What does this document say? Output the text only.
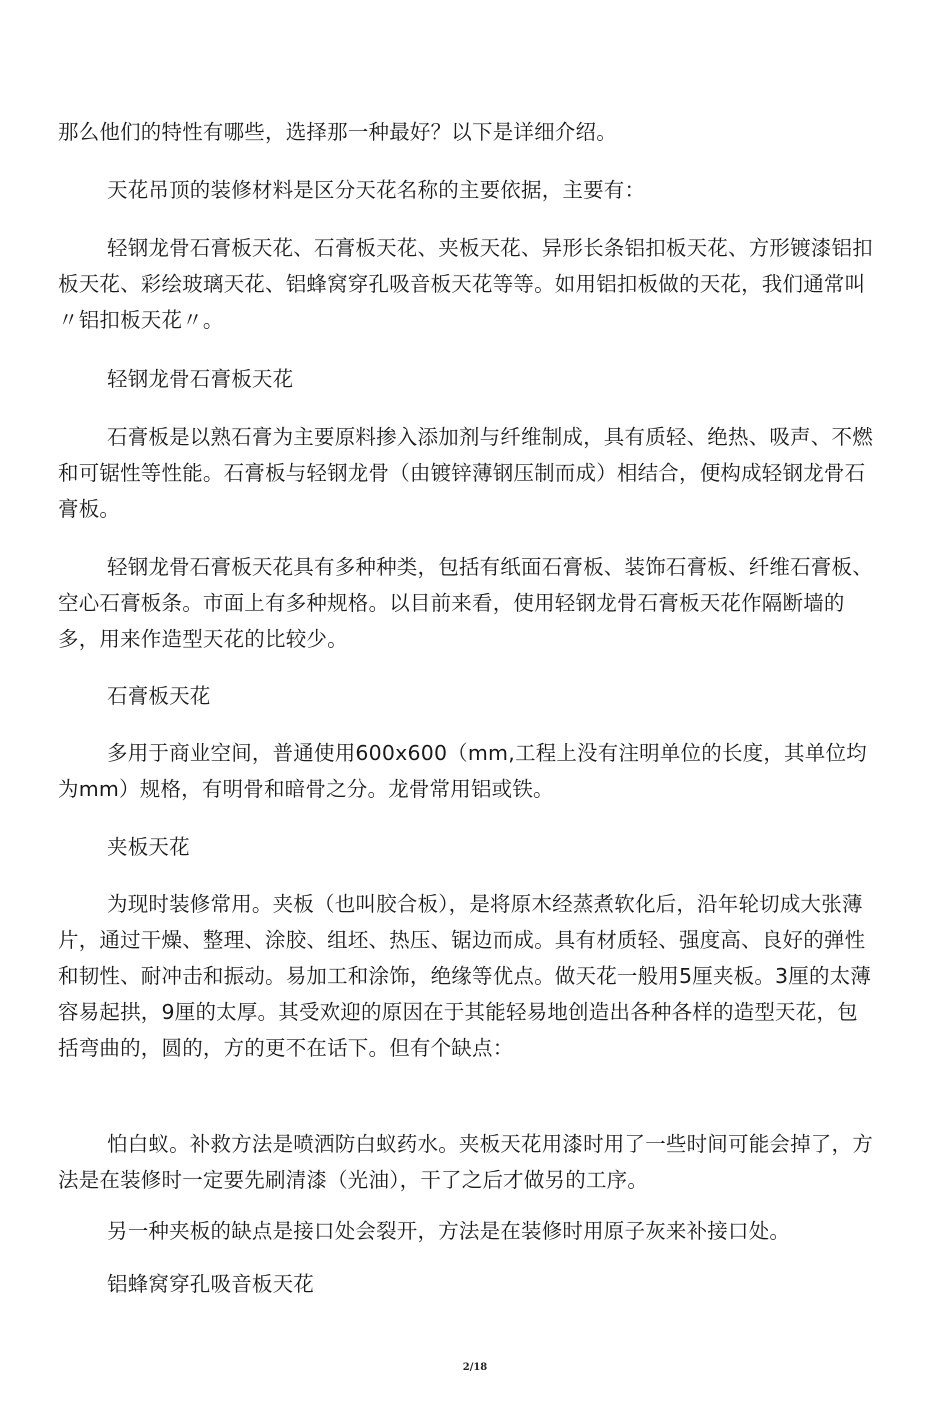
那么他们的特性有哪些，选择那一种最好？以下是详细介绍。

天花吊顶的装修材料是区分天花名称的主要依据，主要有：

轻钢龙骨石膏板天花、石膏板天花、夹板天花、异形长条铝扣板天花、方形镀漆铝扣板天花、彩绘玻璃天花、铝蜂窝穿孔吸音板天花等等。如用铝扣板做的天花，我们通常叫〃铝扣板天花〃。

轻钢龙骨石膏板天花

石膏板是以熟石膏为主要原料掺入添加剂与纤维制成，具有质轻、绝热、吸声、不燃和可锯性等性能。石膏板与轻钢龙骨（由镀锌薄钢压制而成）相结合，便构成轻钢龙骨石膏板。

轻钢龙骨石膏板天花具有多种种类，包括有纸面石膏板、装饰石膏板、纤维石膏板、空心石膏板条。市面上有多种规格。以目前来看，使用轻钢龙骨石膏板天花作隔断墙的多，用来作造型天花的比较少。

石膏板天花

多用于商业空间，普通使用600x600（mm,工程上没有注明单位的长度，其单位均为mm）规格，有明骨和暗骨之分。龙骨常用铝或铁。

夹板天花

为现时装修常用。夹板（也叫胶合板），是将原木经蒸煮软化后，沿年轮切成大张薄片，通过干燥、整理、涂胶、组坯、热压、锯边而成。具有材质轻、强度高、良好的弹性和韧性、耐冲击和振动。易加工和涂饰，绝缘等优点。做天花一般用5厘夹板。3厘的太薄容易起拱，9厘的太厚。其受欢迎的原因在于其能轻易地创造出各种各样的造型天花，包括弯曲的，圆的，方的更不在话下。但有个缺点：

怕白蚁。补救方法是喷洒防白蚁药水。夹板天花用漆时用了一些时间可能会掉了，方法是在装修时一定要先刷清漆（光油），干了之后才做另的工序。

另一种夹板的缺点是接口处会裂开，方法是在装修时用原子灰来补接口处。

铝蜂窝穿孔吸音板天花

2/18
